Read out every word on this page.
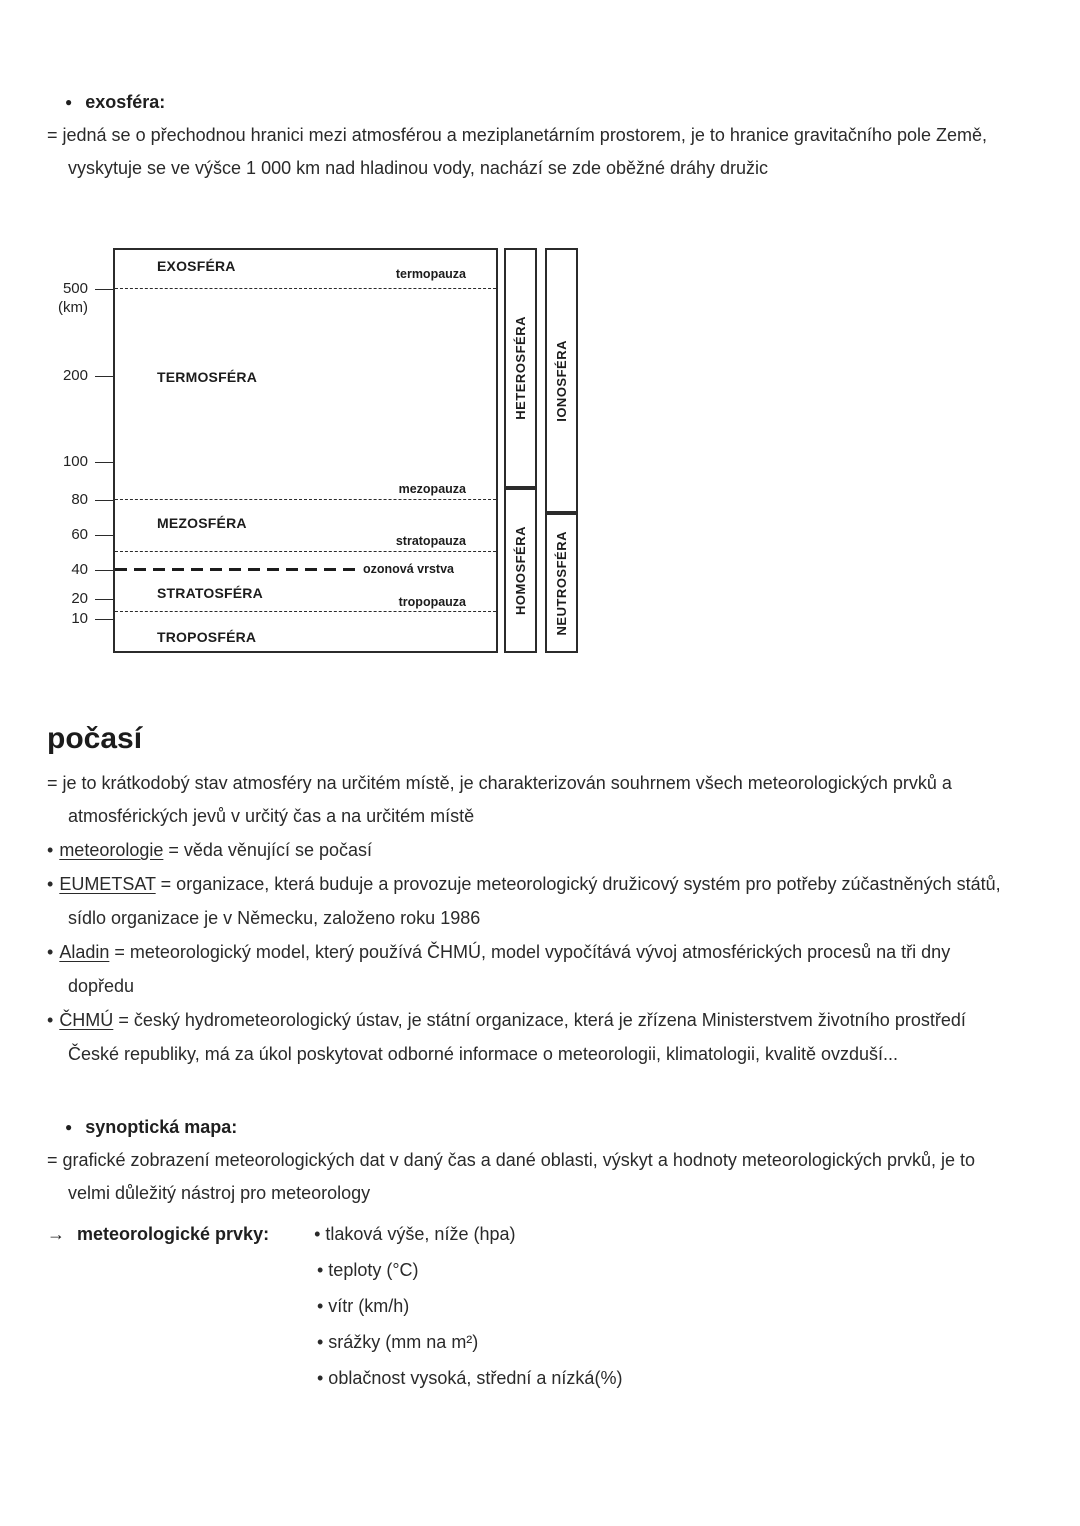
● exosféra:

= jedná se o přechodnou hranici mezi atmosférou a meziplanetárním prostorem, je to hranice gravitačního pole Země, vyskytuje se ve výšce 1 000 km nad hladinou vody, nachází se zde oběžné dráhy družic

500
(km)
200
100
80
60
40
20
10
EXOSFÉRA	termopauza
TERMOSFÉRA
mezopauza
MEZOSFÉRA
stratopauza
ozonová vrstva
STRATOSFÉRA
tropopauza
TROPOSFÉRA
HETEROSFÉRA
HOMOSFÉRA
IONOSFÉRA
NEUTROSFÉRA
počasí

= je to krátkodobý stav atmosféry na určitém místě, je charakterizován souhrnem všech meteorologických prvků a atmosférických jevů v určitý čas a na určitém místě

• meteorologie = věda věnující se počasí
• EUMETSAT = organizace, která buduje a provozuje meteorologický družicový systém pro potřeby zúčastněných států, sídlo organizace je v Německu, založeno roku 1986
• Aladin = meteorologický model, který používá ČHMÚ, model vypočítává vývoj atmosférických procesů na tři dny dopředu
• ČHMÚ = český hydrometeorologický ústav, je státní organizace, která je zřízena Ministerstvem životního prostředí České republiky, má za úkol poskytovat odborné informace o meteorologii, klimatologii, kvalitě ovzduší...
● synoptická mapa:

= grafické zobrazení meteorologických dat v daný čas a dané oblasti, výskyt a hodnoty meteorologických prvků, je to velmi důležitý nástroj pro meteorology

→ meteorologické prvky:	• tlaková výše, níže (hpa)
• teploty (°C)
• vítr (km/h)
• srážky (mm na m²)
• oblačnost vysoká, střední a nízká(%)
